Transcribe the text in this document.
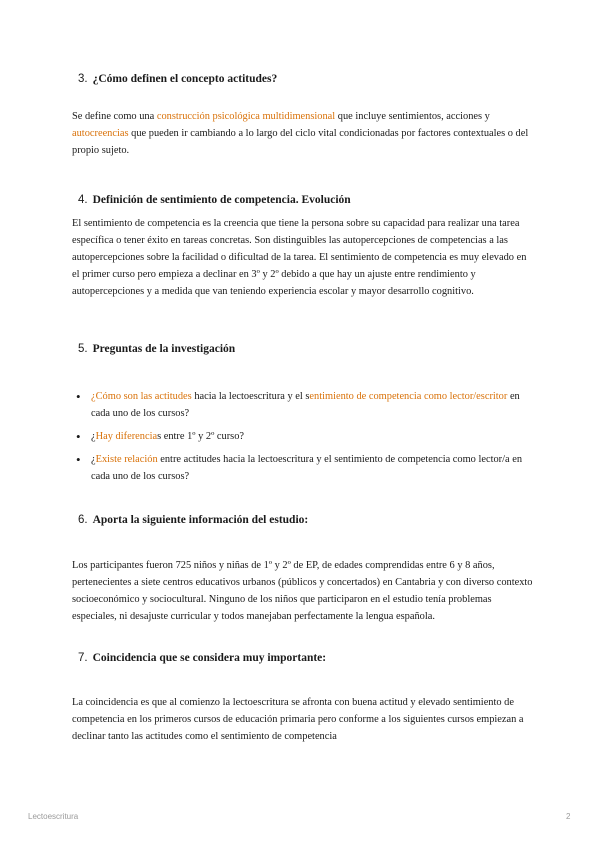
3. ¿Cómo definen el concepto actitudes?

Se define como una construcción psicológica multidimensional que incluye sentimientos, acciones y autocreencias que pueden ir cambiando a lo largo del ciclo vital condicionadas por factores contextuales o del propio sujeto.

4. Definición de sentimiento de competencia. Evolución

El sentimiento de competencia es la creencia que tiene la persona sobre su capacidad para realizar una tarea específica o tener éxito en tareas concretas. Son distinguibles las autopercepciones de competencias a las autopercepciones sobre la facilidad o dificultad de la tarea. El sentimiento de competencia es muy elevado en el primer curso pero empieza a declinar en 3º y 2º debido a que hay un ajuste entre rendimiento y autopercepciones y a medida que van teniendo experiencia escolar y mayor desarrollo cognitivo.

5. Preguntas de la investigación
• ¿Cómo son las actitudes hacia la lectoescritura y el sentimiento de competencia como lector/escritor en cada uno de los cursos?
• ¿Hay diferencias entre 1º y 2º curso?
• ¿Existe relación entre actitudes hacia la lectoescritura y el sentimiento de competencia como lector/a en cada uno de los cursos?
6. Aporta la siguiente información del estudio:

Los participantes fueron 725 niños y niñas de 1º y 2º de EP, de edades comprendidas entre 6 y 8 años, pertenecientes a siete centros educativos urbanos (públicos y concertados) en Cantabria y con diverso contexto socioeconómico y sociocultural. Ninguno de los niños que participaron en el estudio tenía problemas especiales, ni desajuste curricular y todos manejaban perfectamente la lengua española.

7. Coincidencia que se considera muy importante:

La coincidencia es que al comienzo la lectoescritura se afronta con buena actitud y elevado sentimiento de competencia en los primeros cursos de educación primaria pero conforme a los siguientes cursos empiezan a declinar tanto las actitudes como el sentimiento de competencia

Lectoescritura	2
